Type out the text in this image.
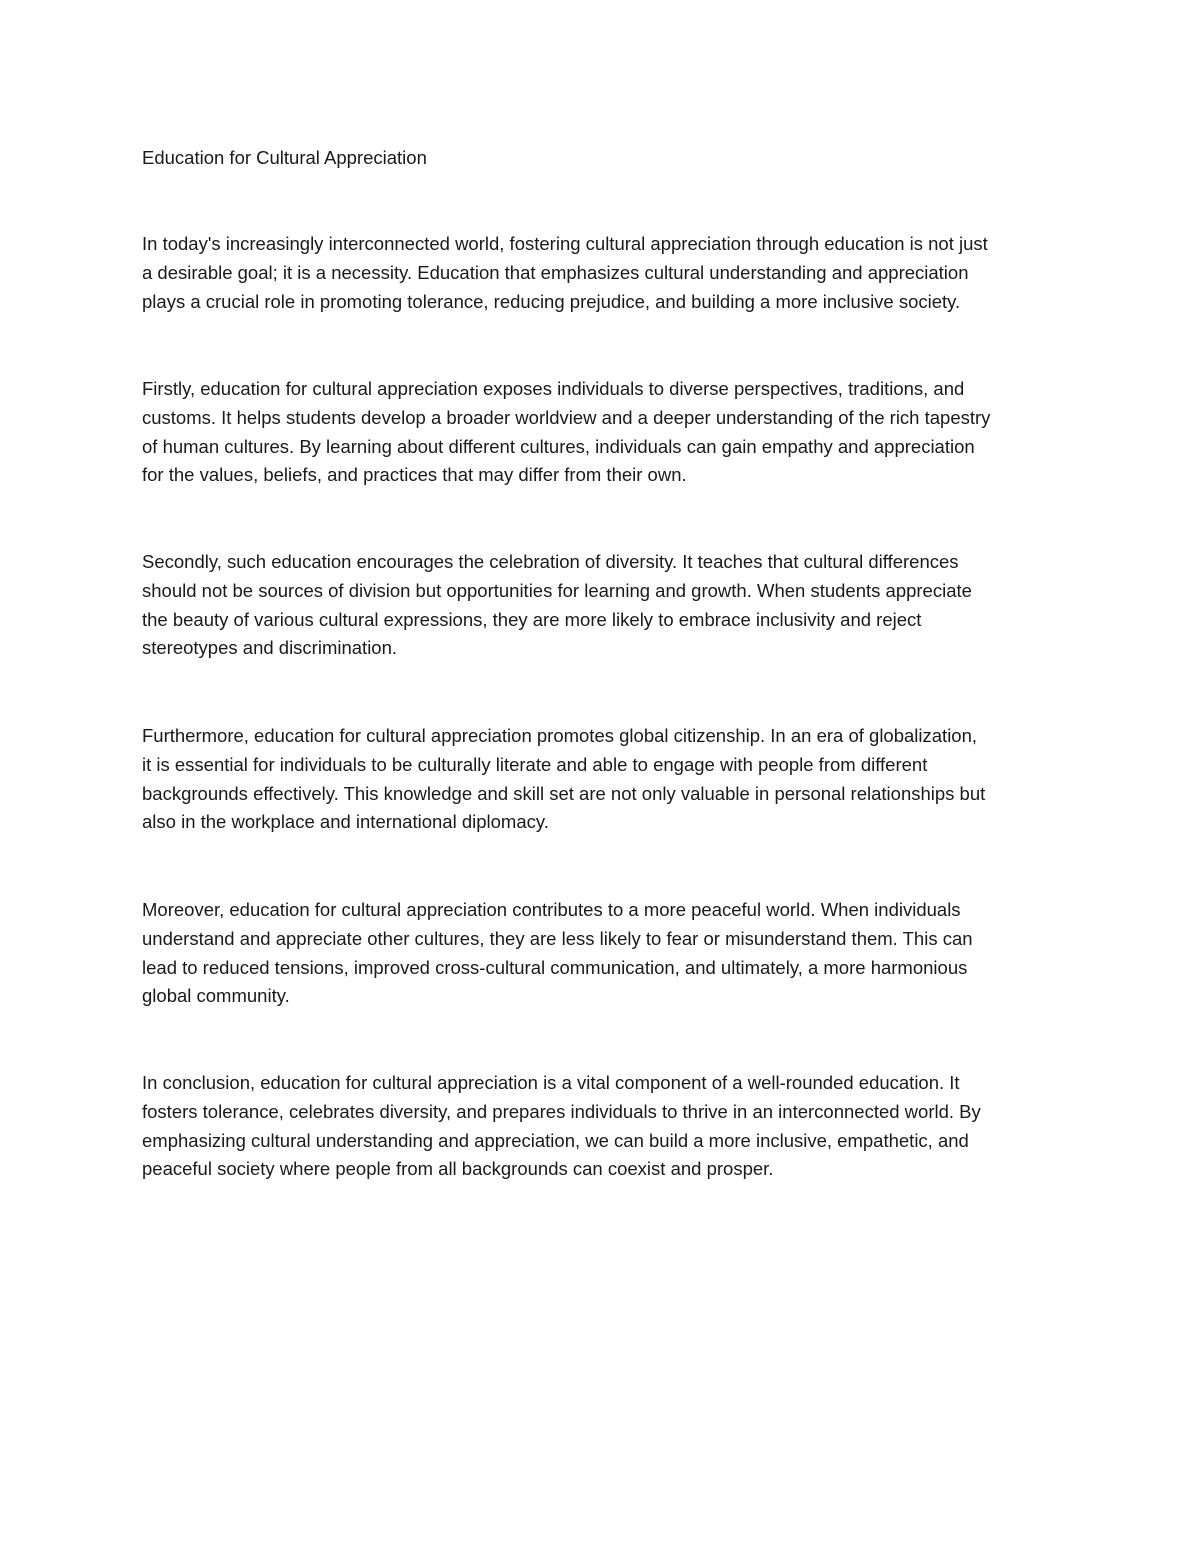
Education for Cultural Appreciation

In today's increasingly interconnected world, fostering cultural appreciation through education is not just
a desirable goal; it is a necessity. Education that emphasizes cultural understanding and appreciation
plays a crucial role in promoting tolerance, reducing prejudice, and building a more inclusive society.

Firstly, education for cultural appreciation exposes individuals to diverse perspectives, traditions, and
customs. It helps students develop a broader worldview and a deeper understanding of the rich tapestry
of human cultures. By learning about different cultures, individuals can gain empathy and appreciation
for the values, beliefs, and practices that may differ from their own.

Secondly, such education encourages the celebration of diversity. It teaches that cultural differences
should not be sources of division but opportunities for learning and growth. When students appreciate
the beauty of various cultural expressions, they are more likely to embrace inclusivity and reject
stereotypes and discrimination.

Furthermore, education for cultural appreciation promotes global citizenship. In an era of globalization,
it is essential for individuals to be culturally literate and able to engage with people from different
backgrounds effectively. This knowledge and skill set are not only valuable in personal relationships but
also in the workplace and international diplomacy.

Moreover, education for cultural appreciation contributes to a more peaceful world. When individuals
understand and appreciate other cultures, they are less likely to fear or misunderstand them. This can
lead to reduced tensions, improved cross-cultural communication, and ultimately, a more harmonious
global community.

In conclusion, education for cultural appreciation is a vital component of a well-rounded education. It
fosters tolerance, celebrates diversity, and prepares individuals to thrive in an interconnected world. By
emphasizing cultural understanding and appreciation, we can build a more inclusive, empathetic, and
peaceful society where people from all backgrounds can coexist and prosper.
